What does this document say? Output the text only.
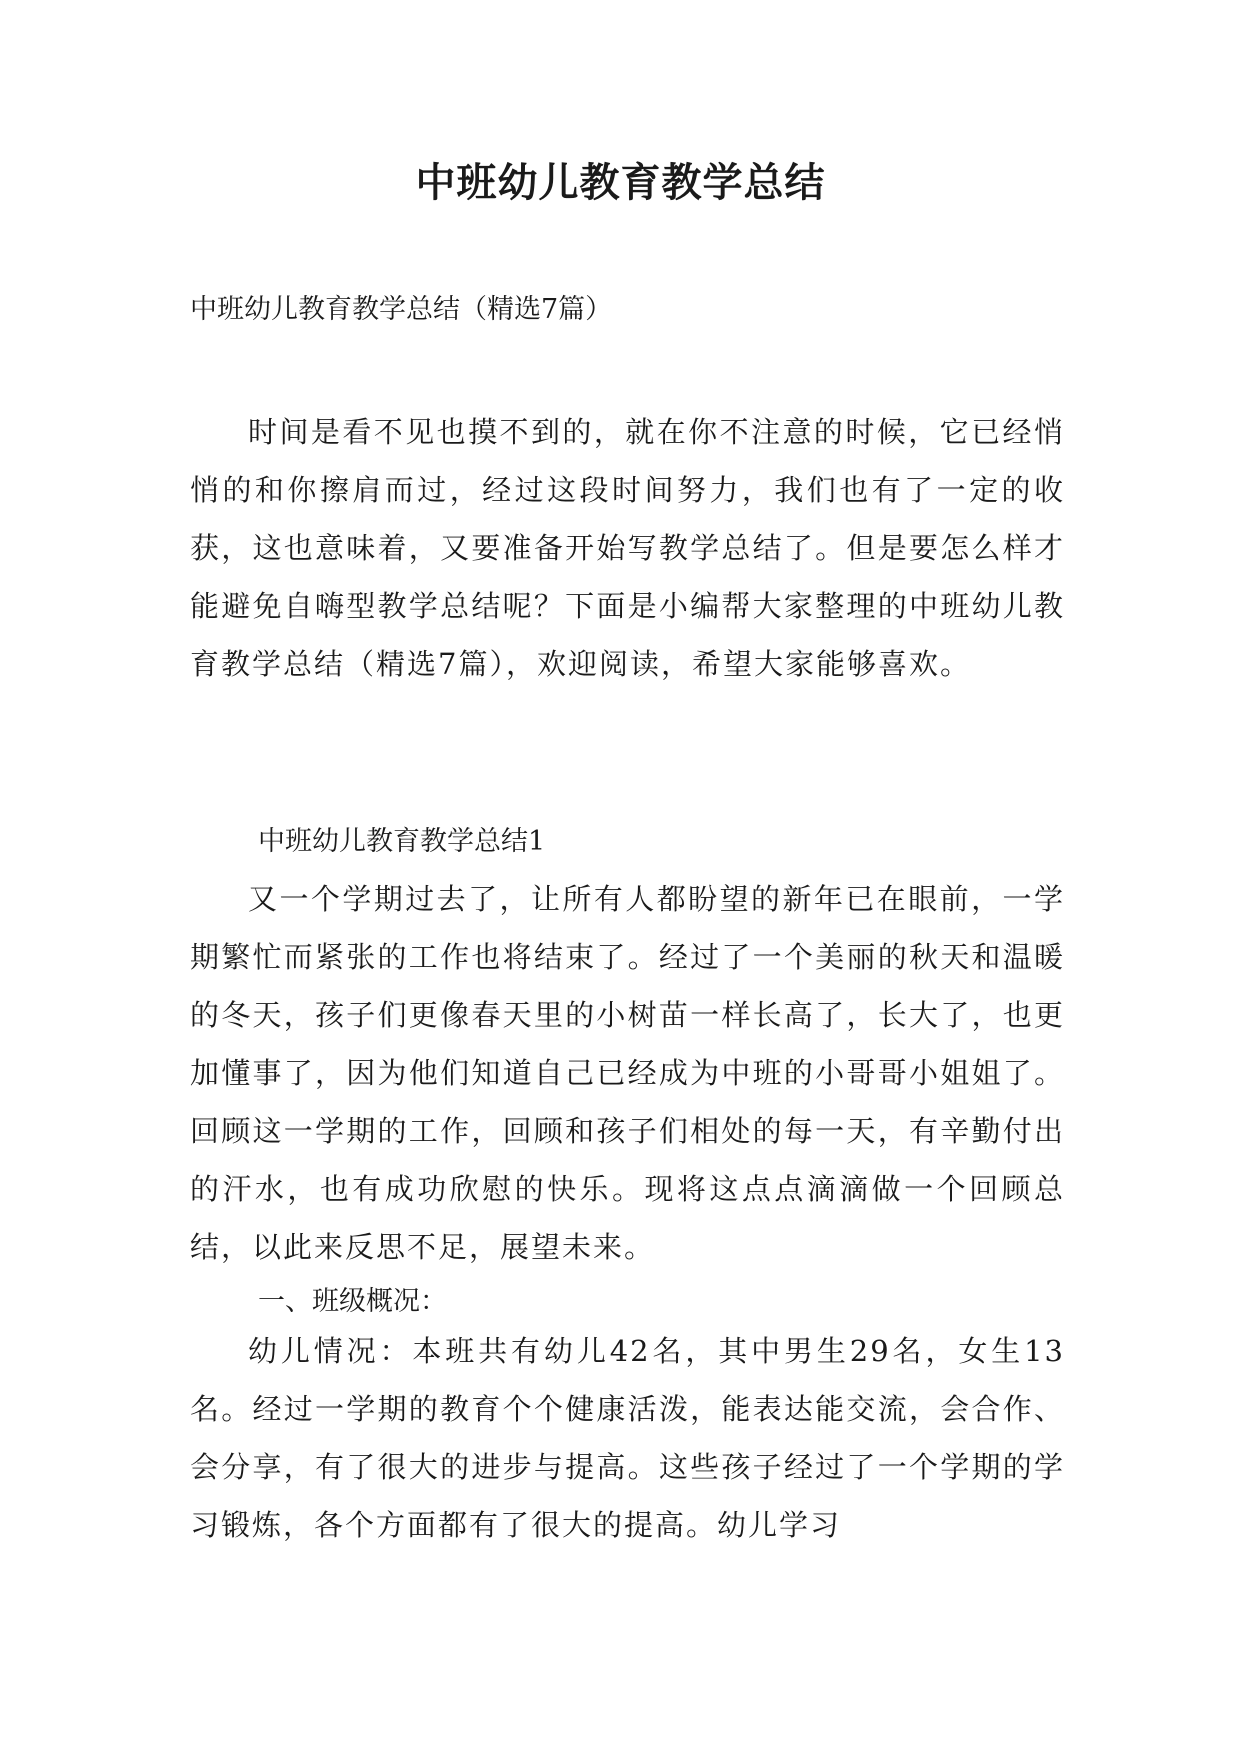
中班幼儿教育教学总结

中班幼儿教育教学总结（精选7篇）

时间是看不见也摸不到的，就在你不注意的时候，它已经悄悄的和你擦肩而过，经过这段时间努力，我们也有了一定的收获，这也意味着，又要准备开始写教学总结了。但是要怎么样才能避免自嗨型教学总结呢？下面是小编帮大家整理的中班幼儿教育教学总结（精选7篇），欢迎阅读，希望大家能够喜欢。

中班幼儿教育教学总结1

又一个学期过去了，让所有人都盼望的新年已在眼前，一学期繁忙而紧张的工作也将结束了。经过了一个美丽的秋天和温暖的冬天，孩子们更像春天里的小树苗一样长高了，长大了，也更加懂事了，因为他们知道自己已经成为中班的小哥哥小姐姐了。回顾这一学期的工作，回顾和孩子们相处的每一天，有辛勤付出的汗水，也有成功欣慰的快乐。现将这点点滴滴做一个回顾总结，以此来反思不足，展望未来。

一、班级概况：

幼儿情况：本班共有幼儿42名，其中男生29名，女生13名。经过一学期的教育个个健康活泼，能表达能交流，会合作、会分享，有了很大的进步与提高。这些孩子经过了一个学期的学习锻炼，各个方面都有了很大的提高。幼儿学习
